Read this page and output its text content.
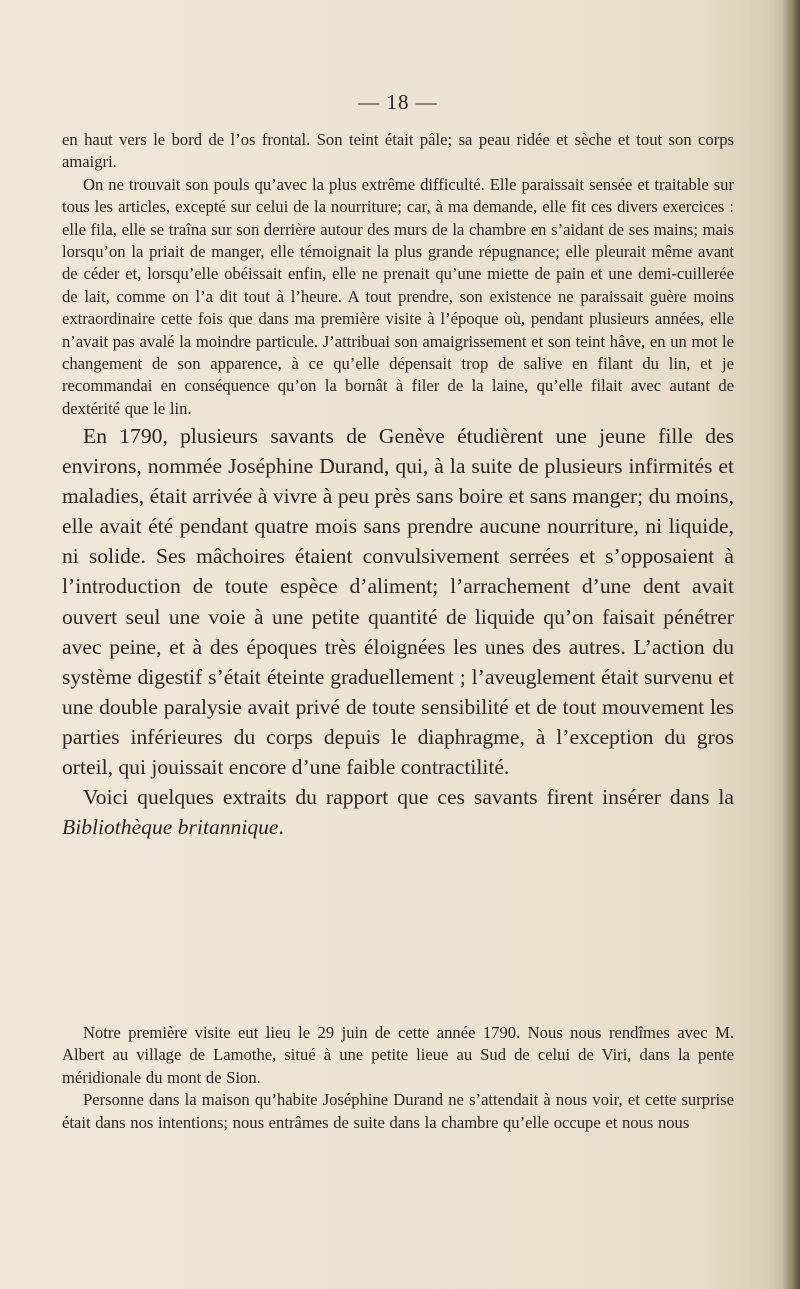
— 18 —

en haut vers le bord de l’os frontal. Son teint était pâle; sa peau ridée et sèche et tout son corps amaigri.

On ne trouvait son pouls qu’avec la plus extrême difficulté. Elle paraissait sensée et traitable sur tous les articles, excepté sur celui de la nourriture; car, à ma demande, elle fit ces divers exercices : elle fila, elle se traîna sur son derrière autour des murs de la chambre en s’aidant de ses mains; mais lorsqu’on la priait de manger, elle témoignait la plus grande répugnance; elle pleurait même avant de céder et, lorsqu’elle obéissait enfin, elle ne prenait qu’une miette de pain et une demi-cuillerée de lait, comme on l’a dit tout à l’heure. A tout prendre, son existence ne paraissait guère moins extraordinaire cette fois que dans ma première visite à l’époque où, pendant plusieurs années, elle n’avait pas avalé la moindre particule. J’attribuai son amaigrissement et son teint hâve, en un mot le changement de son apparence, à ce qu’elle dépensait trop de salive en filant du lin, et je recommandai en conséquence qu’on la bornât à filer de la laine, qu’elle filait avec autant de dextérité que le lin.

En 1790, plusieurs savants de Genève étudièrent une jeune fille des environs, nommée Joséphine Durand, qui, à la suite de plusieurs infirmités et maladies, était arrivée à vivre à peu près sans boire et sans manger; du moins, elle avait été pendant quatre mois sans prendre aucune nourriture, ni liquide, ni solide. Ses mâchoires étaient convulsivement serrées et s’opposaient à l’introduction de toute espèce d’aliment; l’arrachement d’une dent avait ouvert seul une voie à une petite quantité de liquide qu’on faisait pénétrer avec peine, et à des époques très éloignées les unes des autres. L’action du système digestif s’était éteinte graduellement ; l’aveuglement était survenu et une double paralysie avait privé de toute sensibilité et de tout mouvement les parties inférieures du corps depuis le diaphragme, à l’exception du gros orteil, qui jouissait encore d’une faible contractilité.

Voici quelques extraits du rapport que ces savants firent insérer dans la Bibliothèque britannique.

Notre première visite eut lieu le 29 juin de cette année 1790. Nous nous rendîmes avec M. Albert au village de Lamothe, situé à une petite lieue au Sud de celui de Viri, dans la pente méridionale du mont de Sion.

Personne dans la maison qu’habite Joséphine Durand ne s’attendait à nous voir, et cette surprise était dans nos intentions; nous entrâmes de suite dans la chambre qu’elle occupe et nous nous
